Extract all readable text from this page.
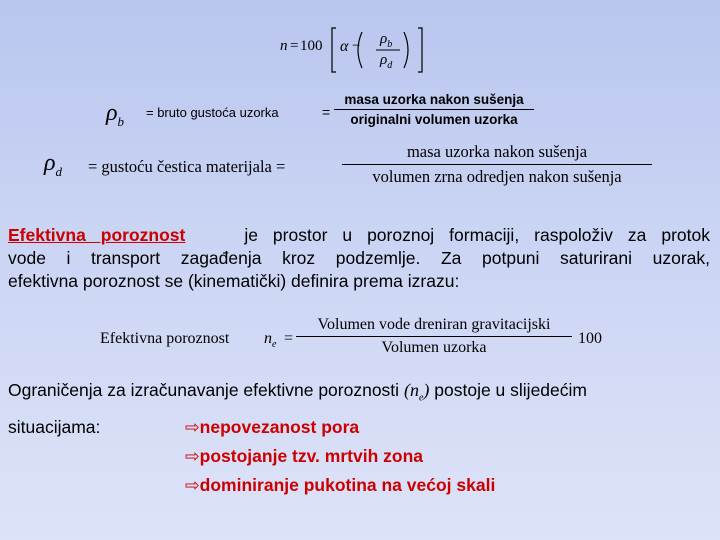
n = 100 $\alpha - \rho_b$
$\rho_d$
$\rho_b$
= bruto gustoća uzorka	=
masa uzorka nakon sušenja
originalni volumen uzorka
$\rho_d$ = gustoću čestica materijala =
masa uzorka nakon sušenja
volumen zrna odredjen nakon sušenja
Efektivna poroznost	je prostor u poroznoj formaciji, raspoloživ za protok
vode i transport zagađenja kroz podzemlje. Za potpuni saturirani uzorak,
efektivna poroznost se (kinematički) definira prema izrazu:
Efektivna poroznost $n_e$ =
Volumen vode dreniran gravitacijski
Volumen uzorka
100
Ograničenja za izračunavanje efektivne poroznosti $(n_e)$ postoje u slijedećim
situacijama:	⇨nepovezanost pora
⇨postojanje tzv. mrtvih zona
⇨dominiranje pukotina na većoj skali
